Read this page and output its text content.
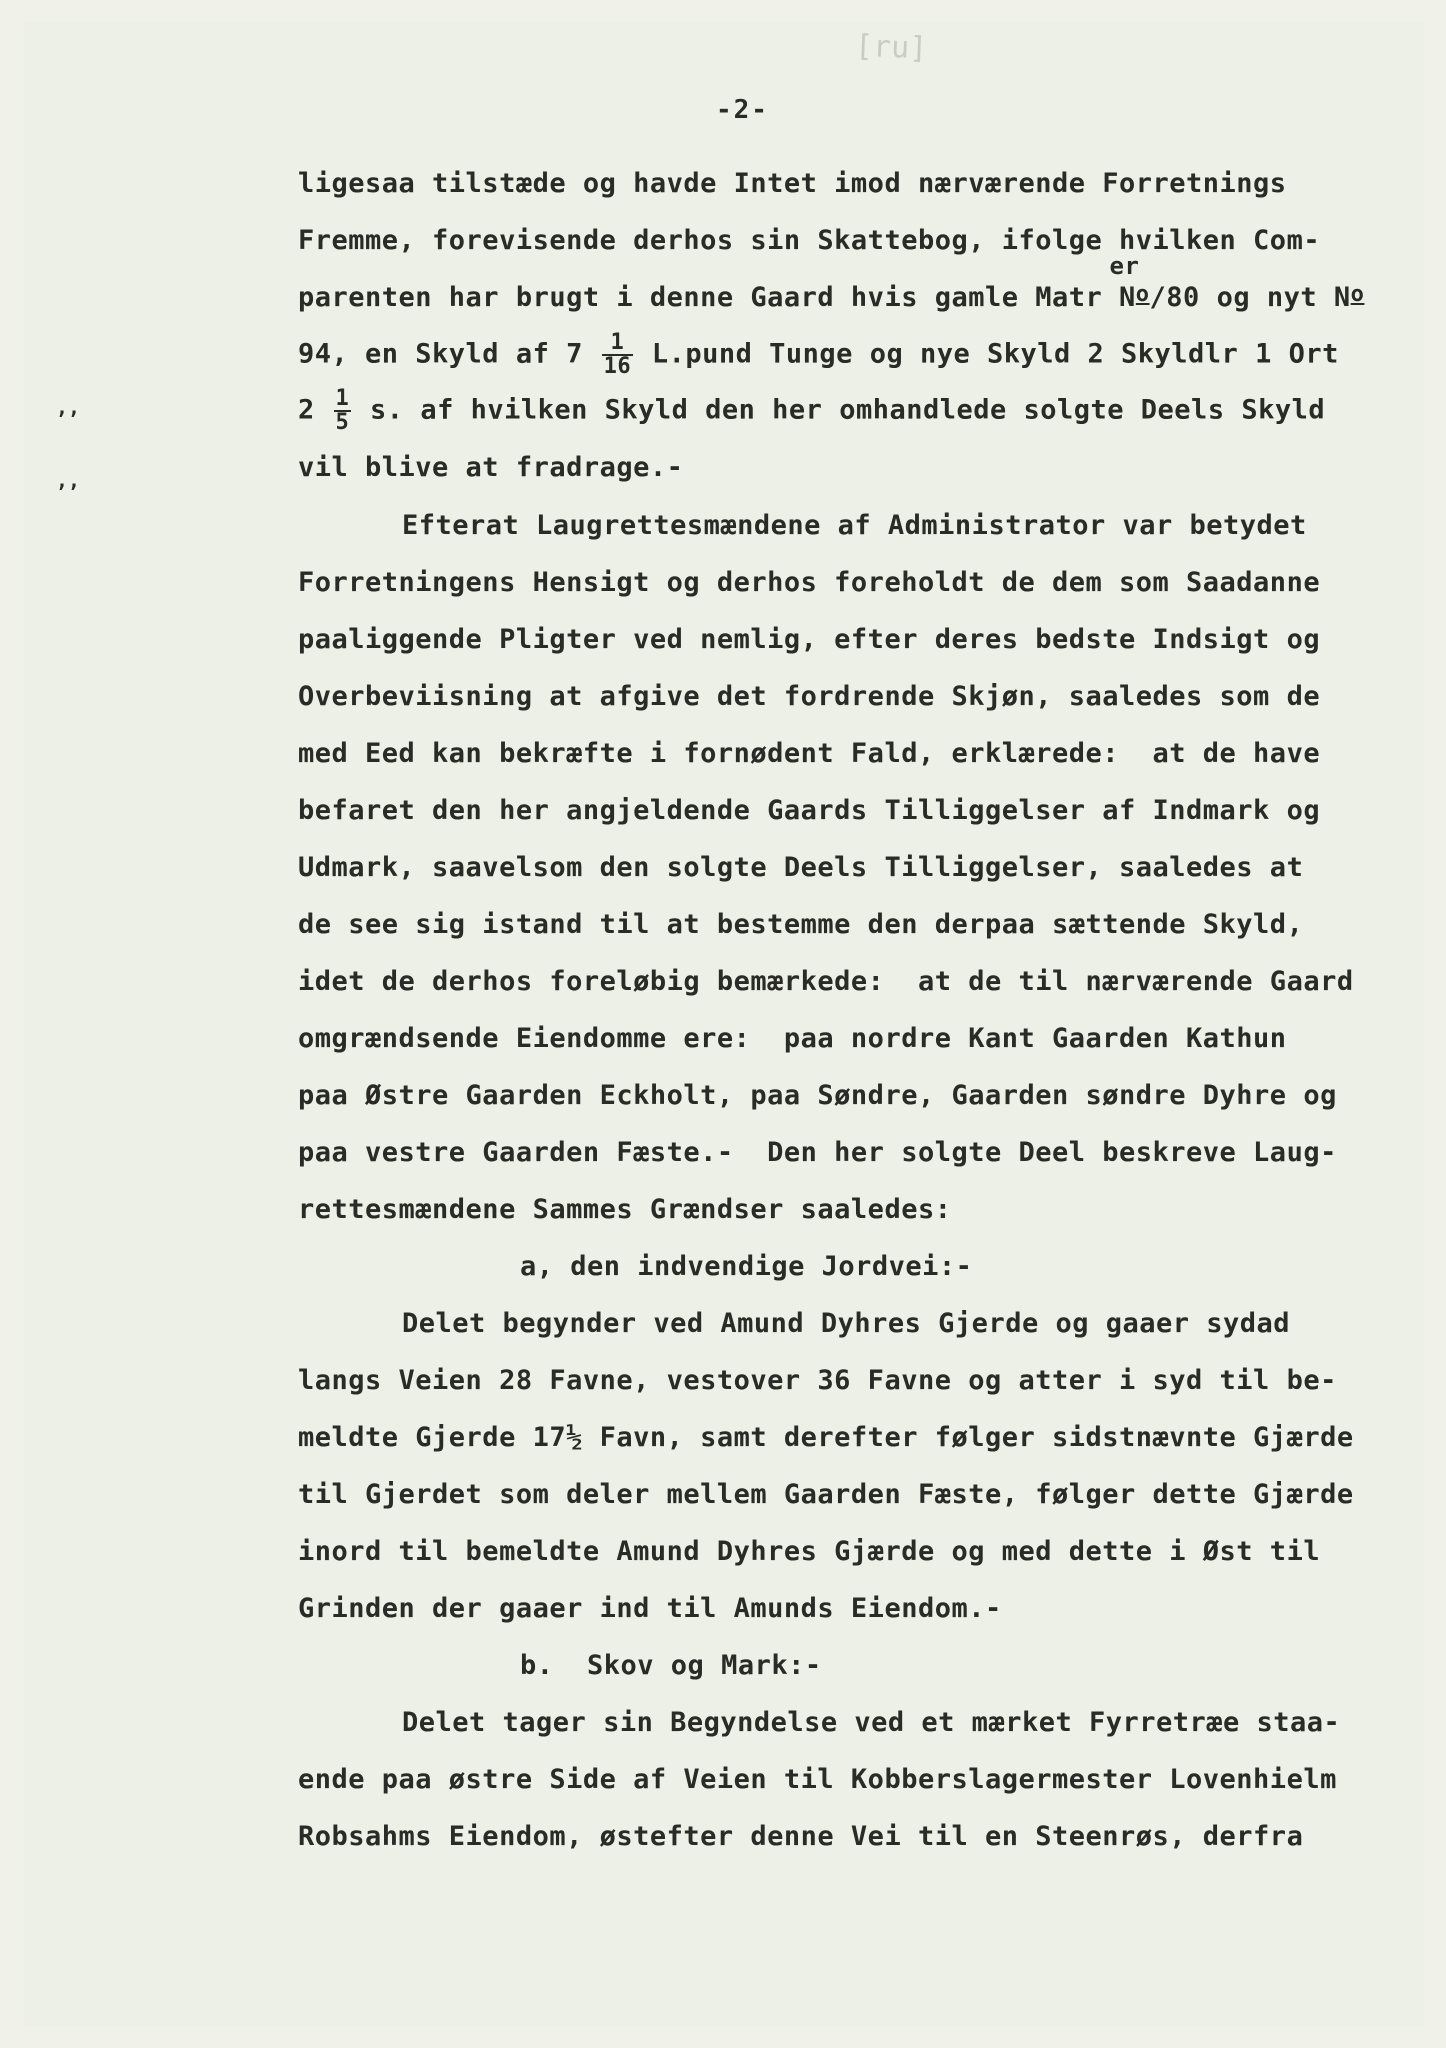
[ru]
-2-
ligesaa tilstæde og havde Intet imod nærværende Forretnings
Fremme, forevisende derhos sin Skattebog, ifolge hvilken Com-
parenten har brugt i denne Gaard hvis gamle Matr $N^o$
er
/80 og nyt $N^o$
94, en Skyld af $7 \frac{1}{16}$ L.pund Tunge og nye Skyld 2 Skyldlr 1 Ort
$2 \frac{1}{5} s$. af hvilken Skyld den her omhandlede solgte Deels Skyld
vil blive at fradrage.-
Efterat Laugrettesmændene af Administrator var betydet
Forretningens Hensigt og derhos foreholdt de dem som Saadanne
paaliggende Pligter ved nemlig, efter deres bedste Indsigt og
Overbeviisning at afgive det fordrende Skjøn, saaledes som de
med Eed kan bekræfte i fornødent Fald, erklærede:  at de have
befaret den her angjeldende Gaards Tilliggelser af Indmark og
Udmark, saavelsom den solgte Deels Tilliggelser, saaledes at
de see sig istand til at bestemme den derpaa sættende Skyld,
idet de derhos foreløbig bemærkede:  at de til nærværende Gaard
omgrændsende Eiendomme ere:  paa nordre Kant Gaarden Kathun
paa Østre Gaarden Eckholt, paa Søndre, Gaarden søndre Dyhre og
paa vestre Gaarden Fæste.-  Den her solgte Deel beskreve Laug-
rettesmændene Sammes Grændser saaledes:
a, den indvendige Jordvei:-
Delet begynder ved Amund Dyhres Gjerde og gaaer sydad
langs Veien 28 Favne, vestover 36 Favne og atter i syd til be-
meldte Gjerde 17½ Favn, samt derefter følger sidstnævnte Gjærde
til Gjerdet som deler mellem Gaarden Fæste, følger dette Gjærde
inord til bemeldte Amund Dyhres Gjærde og med dette i Øst til
Grinden der gaaer ind til Amunds Eiendom.-
b.  Skov og Mark:-
Delet tager sin Begyndelse ved et mærket Fyrretræe staa-
ende paa østre Side af Veien til Kobberslagermester Lovenhielm
Robsahms Eiendom, østefter denne Vei til en Steenrøs, derfra
,,
,,
